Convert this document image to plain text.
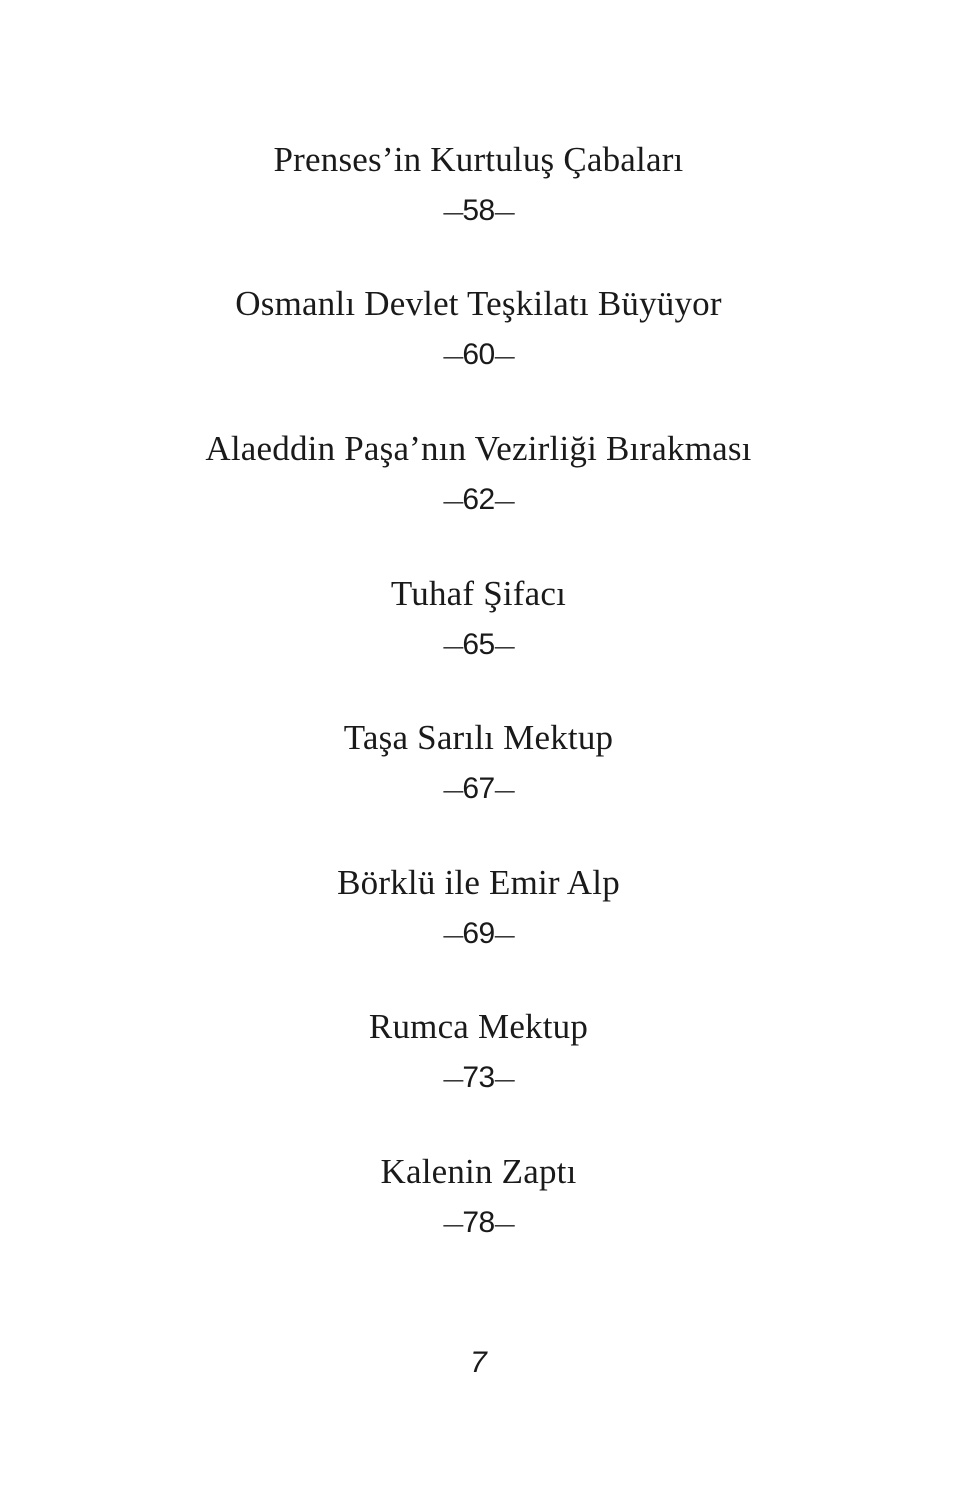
Prenses’in Kurtuluş Çabaları
—58—
Osmanlı Devlet Teşkilatı Büyüyor
—60—
Alaeddin Paşa’nın Vezirliği Bırakması
—62—
Tuhaf Şifacı
—65—
Taşa Sarılı Mektup
—67—
Börklü ile Emir Alp
—69—
Rumca Mektup
—73—
Kalenin Zaptı
—78—
7
